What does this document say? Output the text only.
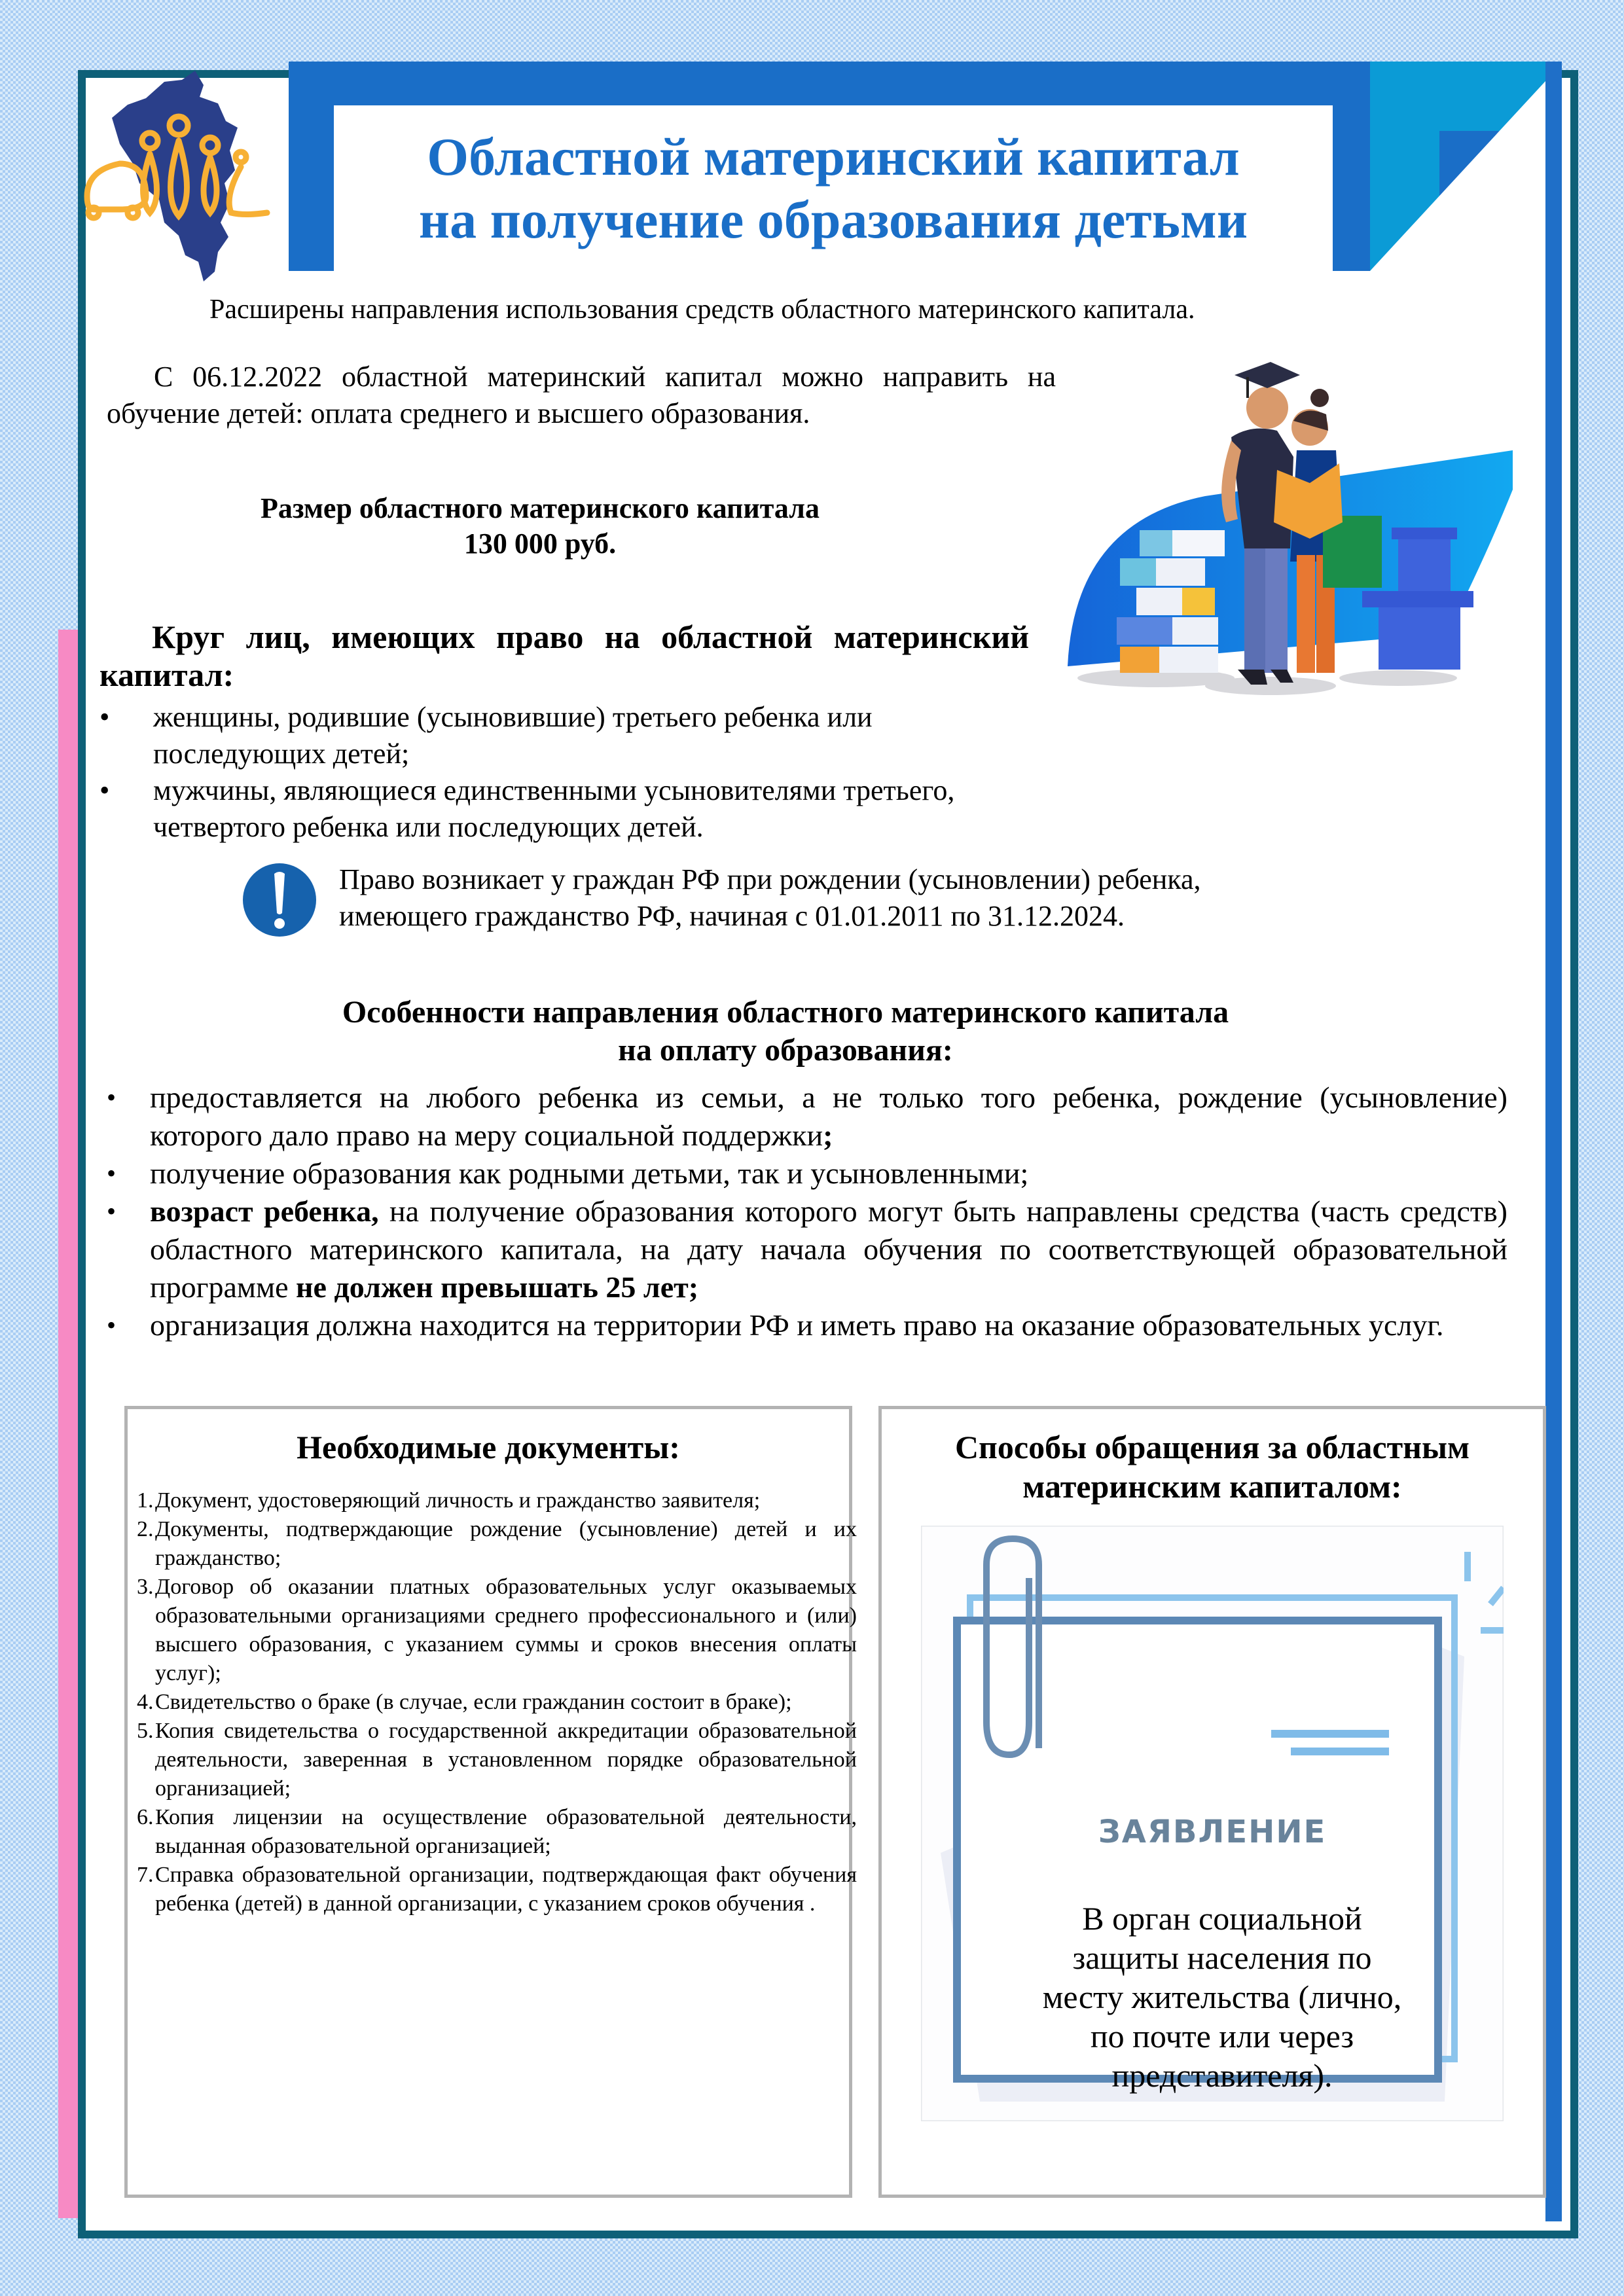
Областной материнский капитал
на получение образования детьми
Расширены направления использования средств областного материнского капитала.
С 06.12.2022 областной материнский капитал можно направить на обучение детей: оплата среднего и высшего образования.
Размер областного материнского капитала
130 000 руб.
Круг лиц, имеющих право на областной материнский капитал:
• женщины, родившие (усыновившие) третьего ребенка или последующих детей;
• мужчины, являющиеся единственными усыновителями третьего, четвертого ребенка или последующих детей.
Право возникает у граждан РФ при рождении (усыновлении) ребенка,
имеющего гражданство РФ, начиная с 01.01.2011 по 31.12.2024.
Особенности направления областного материнского капитала
на оплату образования:
• предоставляется на любого ребенка из семьи, а не только того ребенка, рождение (усыновление) которого дало право на меру социальной поддержки;
• получение образования как родными детьми, так и усыновленными;
• возраст ребенка, на получение образования которого могут быть направлены средства (часть средств) областного материнского капитала, на дату начала обучения по соответствующей образовательной программе не должен превышать 25 лет;
• организация должна находится на территории РФ и иметь право на оказание образовательных услуг.
Необходимые документы:
1. Документ, удостоверяющий личность и гражданство заявителя;
2. Документы, подтверждающие рождение (усыновление) детей и их гражданство;
3. Договор об оказании платных образовательных услуг оказываемых образовательными организациями среднего профессионального и (или) высшего образования, с указанием суммы и сроков внесения оплаты услуг);
4. Свидетельство о браке (в случае, если гражданин состоит в браке);
5. Копия свидетельства о государственной аккредитации образовательной деятельности, заверенная в установленном порядке образовательной организацией;
6. Копия лицензии на осуществление образовательной деятельности, выданная образовательной организацией;
7. Справка образовательной организации, подтверждающая факт обучения ребенка (детей) в данной организации, с указанием сроков обучения .
Способы обращения за областным материнским капиталом:
ЗАЯВЛЕНИЕ
В орган социальной защиты населения по месту жительства (лично, по почте или через представителя).
